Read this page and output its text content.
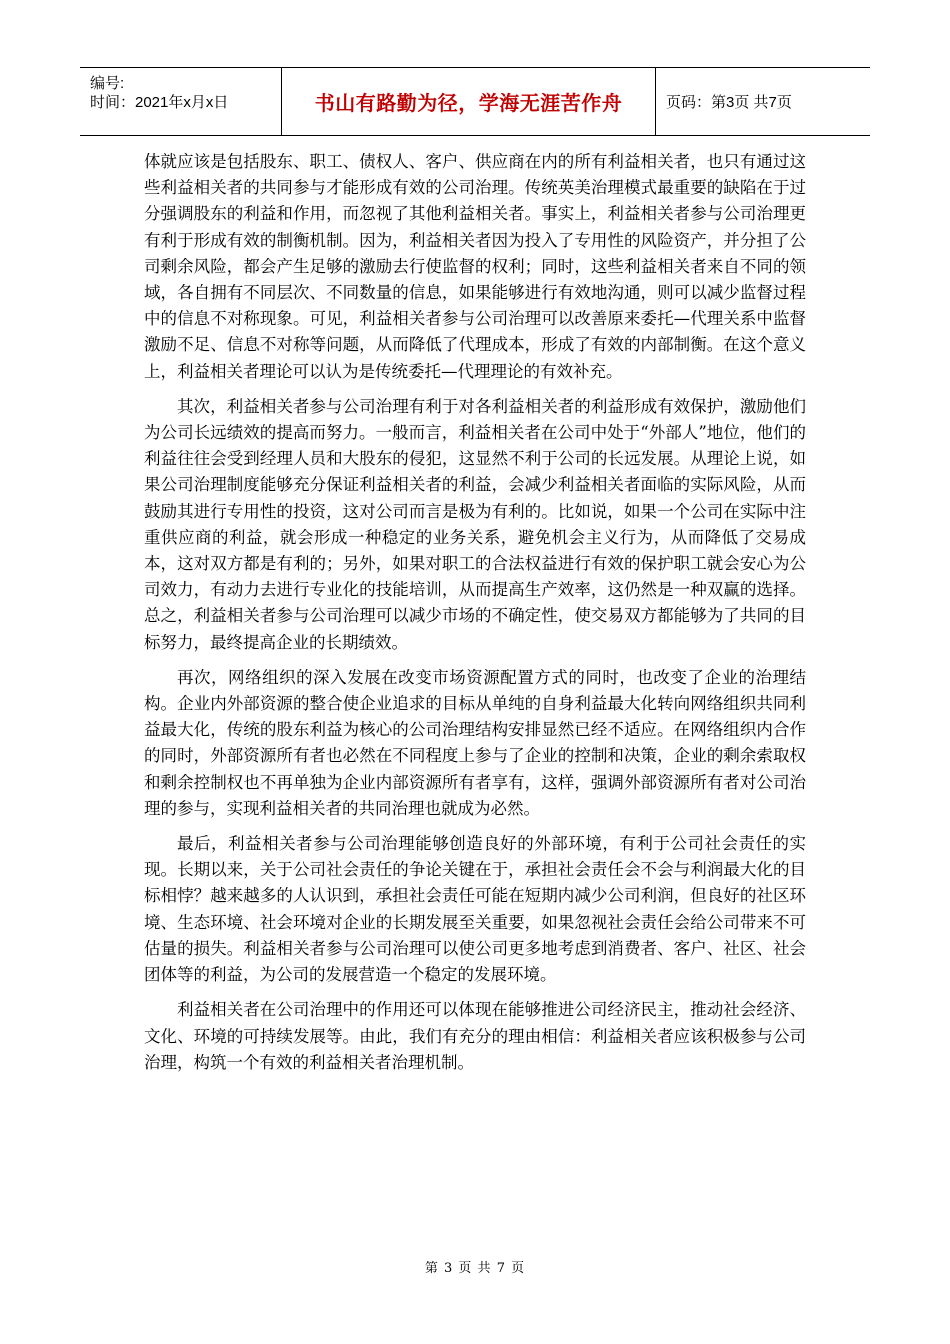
编号:
时间：2021年x月x日	书山有路勤为径，学海无涯苦作舟	页码：第3页 共7页

体就应该是包括股东、职工、债权人、客户、供应商在内的所有利益相关者，也只有通过这些利益相关者的共同参与才能形成有效的公司治理。传统英美治理模式最重要的缺陷在于过分强调股东的利益和作用，而忽视了其他利益相关者。事实上，利益相关者参与公司治理更有利于形成有效的制衡机制。因为，利益相关者因为投入了专用性的风险资产，并分担了公司剩余风险，都会产生足够的激励去行使监督的权利；同时，这些利益相关者来自不同的领域，各自拥有不同层次、不同数量的信息，如果能够进行有效地沟通，则可以减少监督过程中的信息不对称现象。可见，利益相关者参与公司治理可以改善原来委托—代理关系中监督激励不足、信息不对称等问题，从而降低了代理成本，形成了有效的内部制衡。在这个意义上，利益相关者理论可以认为是传统委托—代理理论的有效补充。

其次，利益相关者参与公司治理有利于对各利益相关者的利益形成有效保护，激励他们为公司长远绩效的提高而努力。一般而言，利益相关者在公司中处于“外部人”地位，他们的利益往往会受到经理人员和大股东的侵犯，这显然不利于公司的长远发展。从理论上说，如果公司治理制度能够充分保证利益相关者的利益，会减少利益相关者面临的实际风险，从而鼓励其进行专用性的投资，这对公司而言是极为有利的。比如说，如果一个公司在实际中注重供应商的利益，就会形成一种稳定的业务关系，避免机会主义行为，从而降低了交易成本，这对双方都是有利的；另外，如果对职工的合法权益进行有效的保护职工就会安心为公司效力，有动力去进行专业化的技能培训，从而提高生产效率，这仍然是一种双赢的选择。总之，利益相关者参与公司治理可以减少市场的不确定性，使交易双方都能够为了共同的目标努力，最终提高企业的长期绩效。

再次，网络组织的深入发展在改变市场资源配置方式的同时，也改变了企业的治理结构。企业内外部资源的整合使企业追求的目标从单纯的自身利益最大化转向网络组织共同利益最大化，传统的股东利益为核心的公司治理结构安排显然已经不适应。在网络组织内合作的同时，外部资源所有者也必然在不同程度上参与了企业的控制和决策，企业的剩余索取权和剩余控制权也不再单独为企业内部资源所有者享有，这样，强调外部资源所有者对公司治理的参与，实现利益相关者的共同治理也就成为必然。

最后，利益相关者参与公司治理能够创造良好的外部环境，有利于公司社会责任的实现。长期以来，关于公司社会责任的争论关键在于，承担社会责任会不会与利润最大化的目标相悖？越来越多的人认识到，承担社会责任可能在短期内减少公司利润，但良好的社区环境、生态环境、社会环境对企业的长期发展至关重要，如果忽视社会责任会给公司带来不可估量的损失。利益相关者参与公司治理可以使公司更多地考虑到消费者、客户、社区、社会团体等的利益，为公司的发展营造一个稳定的发展环境。

利益相关者在公司治理中的作用还可以体现在能够推进公司经济民主，推动社会经济、文化、环境的可持续发展等。由此，我们有充分的理由相信：利益相关者应该积极参与公司治理，构筑一个有效的利益相关者治理机制。

第 3 页 共 7 页
